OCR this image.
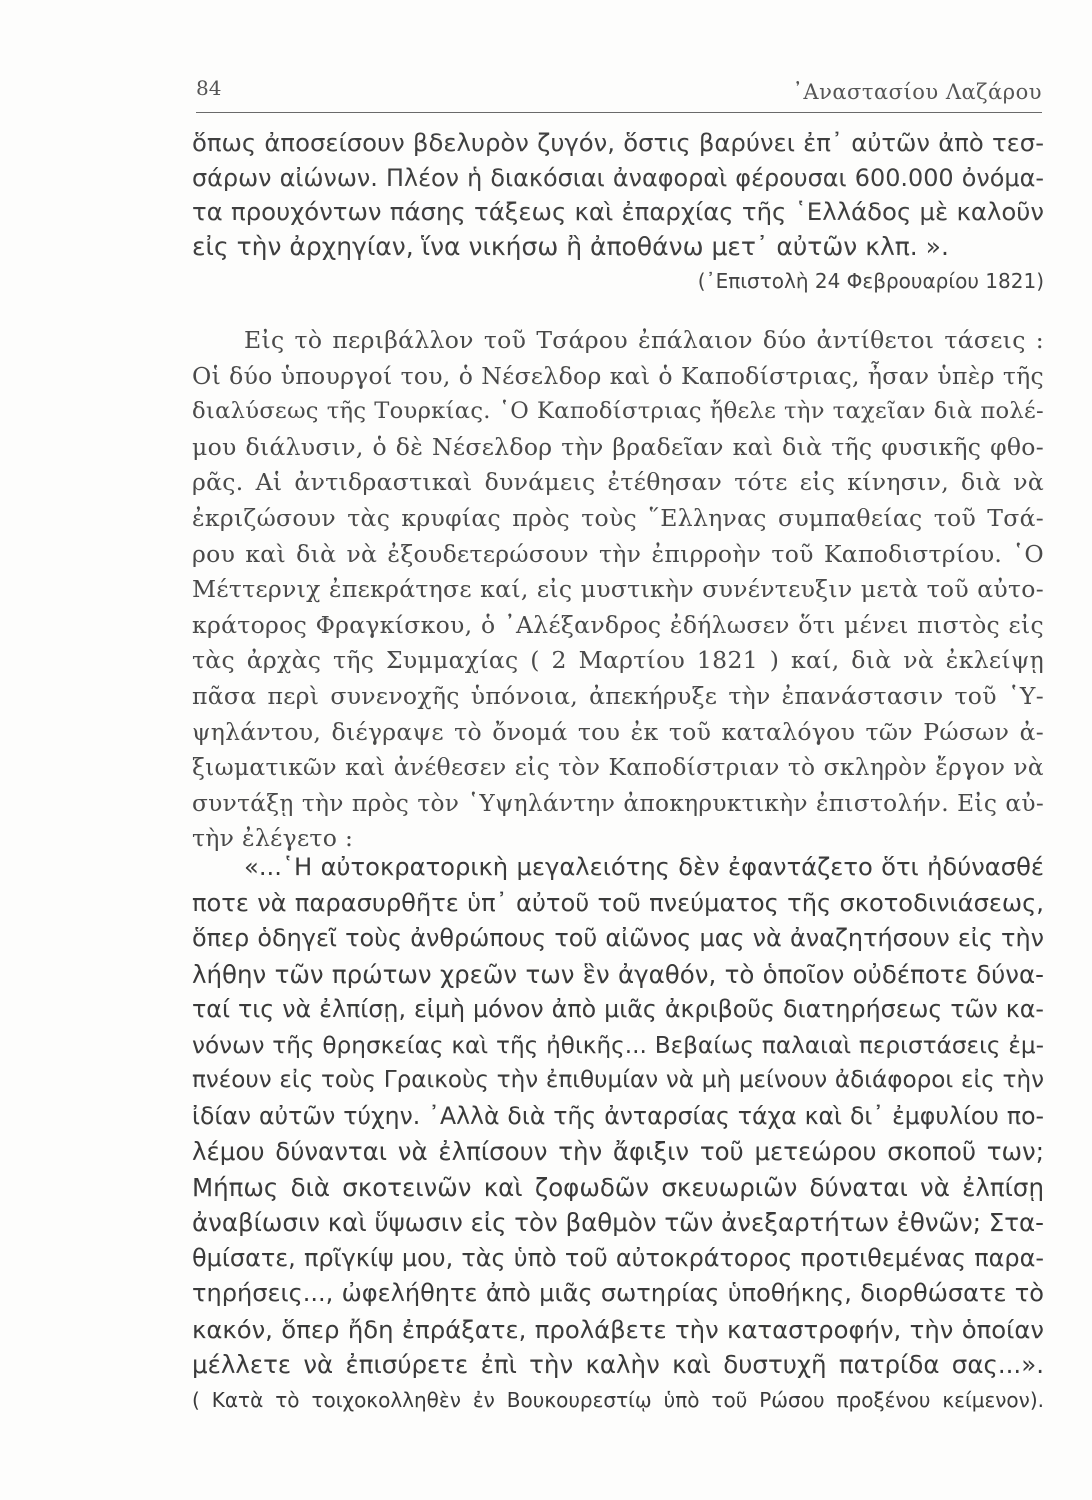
84	᾿Αναστασίου Λαζάρου
ὅπως ἀποσείσουν βδελυρὸν ζυγόν, ὅστις βαρύνει ἐπ᾿ αὐτῶν ἀπὸ τεσ-
σάρων αἰώνων. Πλέον ἡ διακόσιαι ἀναφοραὶ φέρουσαι 600.000 ὀνόμα-
τα προυχόντων πάσης τάξεως καὶ ἐπαρχίας τῆς ῾Ελλάδος μὲ καλοῦν
εἰς τὴν ἀρχηγίαν, ἵνα νικήσω ἢ ἀποθάνω μετ᾿ αὐτῶν κλπ. ».
(᾿Επιστολὴ 24 Φεβρουαρίου 1821)
Εἰς τὸ περιβάλλον τοῦ Τσάρου ἐπάλαιον δύο ἀντίθετοι τάσεις :
Οἱ δύο ὑπουργοί του, ὁ Νέσελδορ καὶ ὁ Καποδίστριας, ἦσαν ὑπὲρ τῆς
διαλύσεως τῆς Τουρκίας. ῾Ο Καποδίστριας ἤθελε τὴν ταχεῖαν διὰ πολέ-
μου διάλυσιν, ὁ δὲ Νέσελδορ τὴν βραδεῖαν καὶ διὰ τῆς φυσικῆς φθο-
ρᾶς. Αἱ ἀντιδραστικαὶ δυνάμεις ἐτέθησαν τότε εἰς κίνησιν, διὰ νὰ
ἐκριζώσουν τὰς κρυφίας πρὸς τοὺς ῞Ελληνας συμπαθείας τοῦ Τσά-
ρου καὶ διὰ νὰ ἐξουδετερώσουν τὴν ἐπιρροὴν τοῦ Καποδιστρίου. ῾Ο
Μέττερνιχ ἐπεκράτησε καί, εἰς μυστικὴν συνέντευξιν μετὰ τοῦ αὐτο-
κράτορος Φραγκίσκου, ὁ ᾿Αλέξανδρος ἐδήλωσεν ὅτι μένει πιστὸς εἰς
τὰς ἀρχὰς τῆς Συμμαχίας ( 2 Μαρτίου 1821 ) καί, διὰ νὰ ἐκλείψῃ
πᾶσα περὶ συνενοχῆς ὑπόνοια, ἀπεκήρυξε τὴν ἐπανάστασιν τοῦ ῾Υ-
ψηλάντου, διέγραψε τὸ ὄνομά του ἐκ τοῦ καταλόγου τῶν Ρώσων ἀ-
ξιωματικῶν καὶ ἀνέθεσεν εἰς τὸν Καποδίστριαν τὸ σκληρὸν ἔργον νὰ
συντάξῃ τὴν πρὸς τὸν ῾Υψηλάντην ἀποκηρυκτικὴν ἐπιστολήν. Εἰς αὐ-
τὴν ἐλέγετο :
«...῾Η αὐτοκρατορικὴ μεγαλειότης δὲν ἐφαντάζετο ὅτι ἠδύνασθέ
ποτε νὰ παρασυρθῆτε ὑπ᾿ αὐτοῦ τοῦ πνεύματος τῆς σκοτοδινιάσεως,
ὅπερ ὁδηγεῖ τοὺς ἀνθρώπους τοῦ αἰῶνος μας νὰ ἀναζητήσουν εἰς τὴν
λήθην τῶν πρώτων χρεῶν των ἓν ἀγαθόν, τὸ ὁποῖον οὐδέποτε δύνα-
ταί τις νὰ ἐλπίσῃ, εἰμὴ μόνον ἀπὸ μιᾶς ἀκριβοῦς διατηρήσεως τῶν κα-
νόνων τῆς θρησκείας καὶ τῆς ἠθικῆς... Βεβαίως παλαιαὶ περιστάσεις ἐμ-
πνέουν εἰς τοὺς Γραικοὺς τὴν ἐπιθυμίαν νὰ μὴ μείνουν ἀδιάφοροι εἰς τὴν
ἰδίαν αὐτῶν τύχην. ᾿Αλλὰ διὰ τῆς ἀνταρσίας τάχα καὶ δι᾿ ἐμφυλίου πο-
λέμου δύνανται νὰ ἐλπίσουν τὴν ἄφιξιν τοῦ μετεώρου σκοποῦ των;
Μήπως διὰ σκοτεινῶν καὶ ζοφωδῶν σκευωριῶν δύναται νὰ ἐλπίσῃ
ἀναβίωσιν καὶ ὕψωσιν εἰς τὸν βαθμὸν τῶν ἀνεξαρτήτων ἐθνῶν; Στα-
θμίσατε, πρῖγκίψ μου, τὰς ὑπὸ τοῦ αὐτοκράτορος προτιθεμένας παρα-
τηρήσεις..., ὠφελήθητε ἀπὸ μιᾶς σωτηρίας ὑποθήκης, διορθώσατε τὸ
κακόν, ὅπερ ἤδη ἐπράξατε, προλάβετε τὴν καταστροφήν, τὴν ὁποίαν
μέλλετε νὰ ἐπισύρετε ἐπὶ τὴν καλὴν καὶ δυστυχῆ πατρίδα σας...».
( Κατὰ τὸ τοιχοκολληθὲν ἐν Βουκουρεστίῳ ὑπὸ τοῦ Ρώσου προξένου κείμενον).
